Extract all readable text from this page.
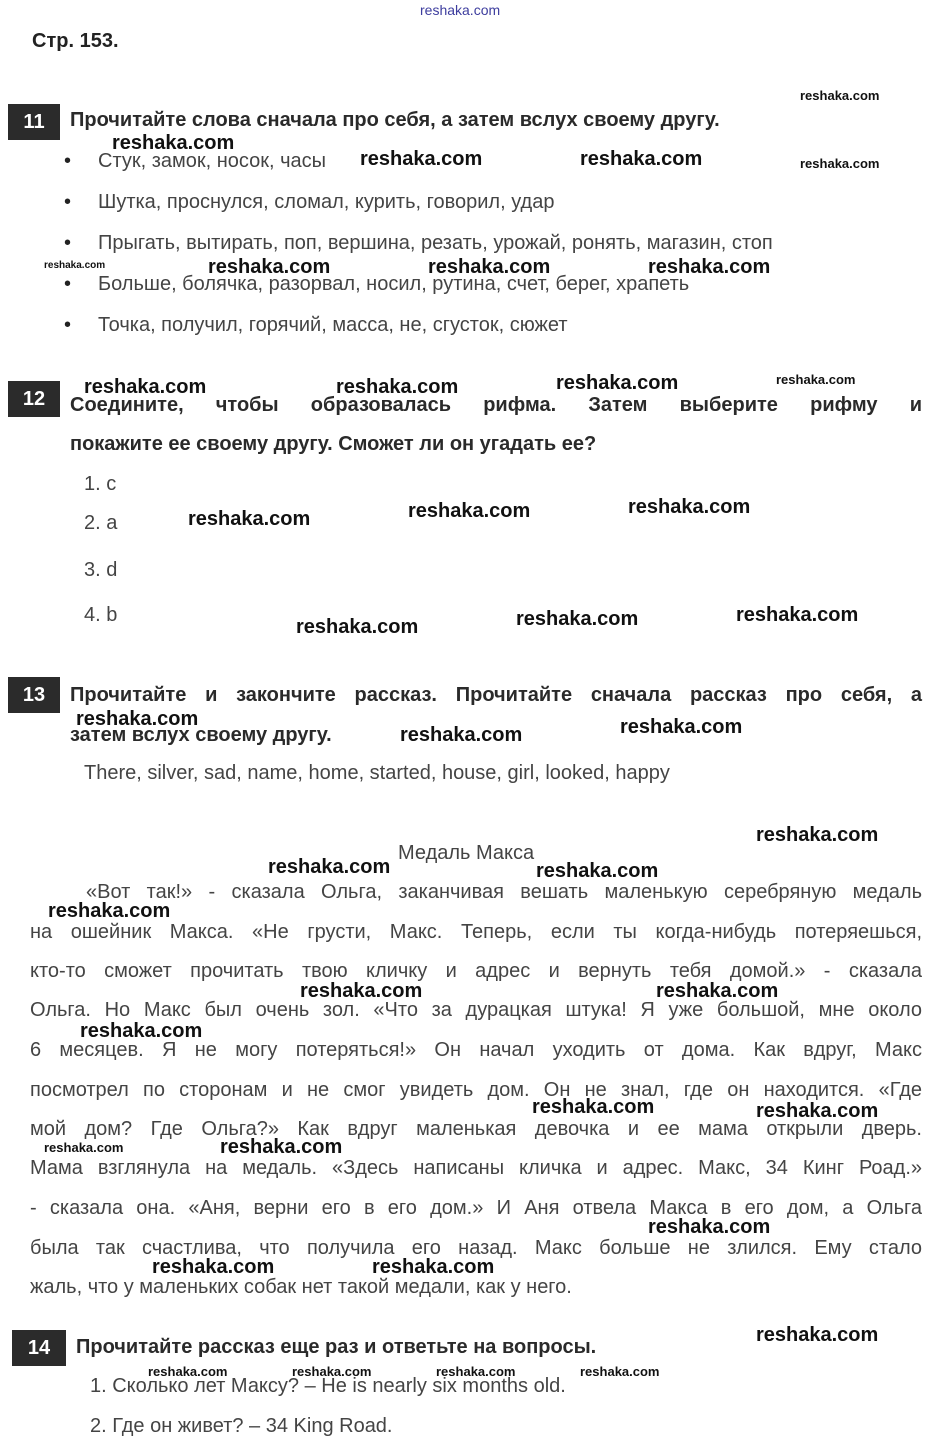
reshaka.com
Стр. 153.
11	Прочитайте слова сначала про себя, а затем вслух своему другу.
• Стук, замок, носок, часы
• Шутка, проснулся, сломал, курить, говорил, удар
• Прыгать, вытирать, поп, вершина, резать, урожай, ронять, магазин, стоп
• Больше, болячка, разорвал, носил, рутина, счет, берег, храпеть
• Точка, получил, горячий, масса, не, сгусток, сюжет
12	Соедините, чтобы образовалась рифма. Затем выберите рифму и
покажите ее своему другу. Сможет ли он угадать ее?
1. c
2. a
3. d
4. b
13	Прочитайте и закончите рассказ. Прочитайте сначала рассказ про себя, а
затем вслух своему другу.
There, silver, sad, name, home, started, house, girl, looked, happy
Медаль Макса
«Вот так!» - сказала Ольга, заканчивая вешать маленькую серебряную медаль
на ошейник Макса. «Не грусти, Макс. Теперь, если ты когда-нибудь потеряешься,
кто-то сможет прочитать твою кличку и адрес и вернуть тебя домой.» - сказала
Ольга. Но Макс был очень зол. «Что за дурацкая штука! Я уже большой, мне около
6 месяцев. Я не могу потеряться!» Он начал уходить от дома. Как вдруг, Макс
посмотрел по сторонам и не смог увидеть дом. Он не знал, где он находится. «Где
мой дом? Где Ольга?» Как вдруг маленькая девочка и ее мама открыли дверь.
Мама взглянула на медаль. «Здесь написаны кличка и адрес. Макс, 34 Кинг Роад.»
- сказала она. «Аня, верни его в его дом.» И Аня отвела Макса в его дом, а Ольга
была так счастлива, что получила его назад. Макс больше не злился. Ему стало
жаль, что у маленьких собак нет такой медали, как у него.
14	Прочитайте рассказ еще раз и ответьте на вопросы.
1. Сколько лет Максу? – He is nearly six months old.
2. Где он живет? – 34 King Road.
reshaka.com
reshaka.com	reshaka.com
reshaka.com	reshaka.com	reshaka.com
reshaka.com	reshaka.com	reshaka.com
reshaka.com	reshaka.com	reshaka.com
reshaka.com	reshaka.com	reshaka.com
reshaka.com
reshaka.com	reshaka.com
reshaka.com
reshaka.com	reshaka.com
reshaka.com
reshaka.com	reshaka.com
reshaka.com
reshaka.com	reshaka.com
reshaka.com
reshaka.com
reshaka.com	reshaka.com
reshaka.com
reshaka.com
reshaka.com
reshaka.com
reshaka.com
reshaka.com
reshaka.com	reshaka.com	reshaka.com	reshaka.com
